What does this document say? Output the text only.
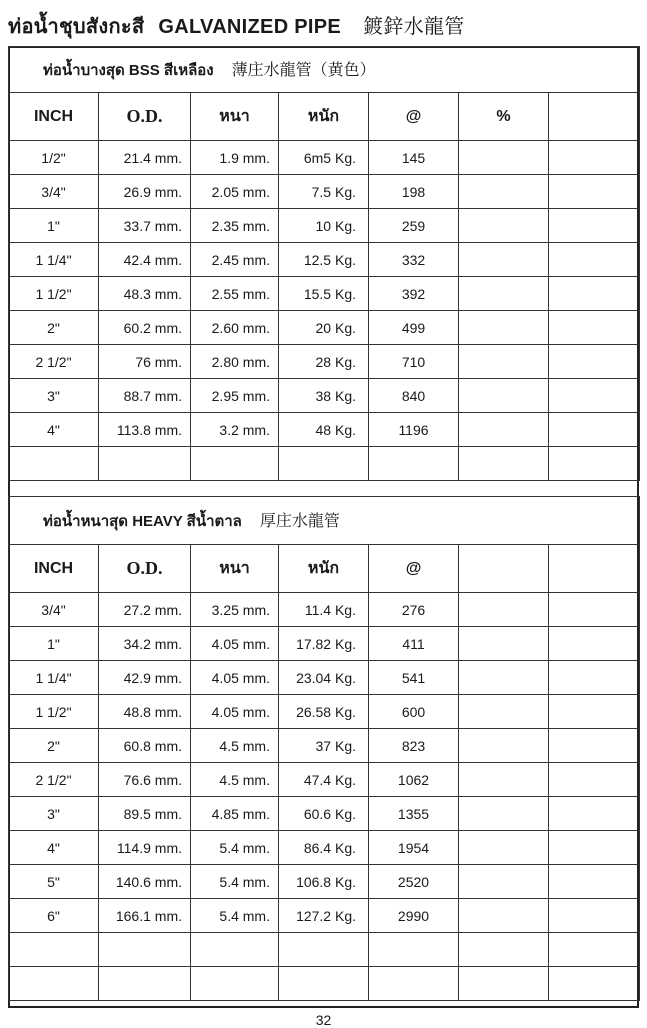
ท่อน้ำชุบสังกะสี GALVANIZED PIPE 鍍鋅水龍管
ท่อน้ำบางสุด BSS สีเหลือง 薄庄水龍管（黄色）						
INCH	O.D.	หนา	หนัก	@	%	
1/2"	21.4 mm.	1.9 mm.	6m5 Kg.	145		
3/4"	26.9 mm.	2.05 mm.	7.5 Kg.	198		
1"	33.7 mm.	2.35 mm.	10 Kg.	259		
1 1/4"	42.4 mm.	2.45 mm.	12.5 Kg.	332		
1 1/2"	48.3 mm.	2.55 mm.	15.5 Kg.	392		
2"	60.2 mm.	2.60 mm.	20 Kg.	499		
2 1/2"	76 mm.	2.80 mm.	28 Kg.	710		
3"	88.7 mm.	2.95 mm.	38 Kg.	840		
4"	113.8 mm.	3.2 mm.	48 Kg.	1196		

ท่อน้ำหนาสุด HEAVY สีน้ำตาล 厚庄水龍管						
INCH	O.D.	หนา	หนัก	@		
3/4"	27.2 mm.	3.25 mm.	11.4 Kg.	276		
1"	34.2 mm.	4.05 mm.	17.82 Kg.	411		
1 1/4"	42.9 mm.	4.05 mm.	23.04 Kg.	541		
1 1/2"	48.8 mm.	4.05 mm.	26.58 Kg.	600		
2"	60.8 mm.	4.5 mm.	37 Kg.	823		
2 1/2"	76.6 mm.	4.5 mm.	47.4 Kg.	1062		
3"	89.5 mm.	4.85 mm.	60.6 Kg.	1355		
4"	114.9 mm.	5.4 mm.	86.4 Kg.	1954		
5"	140.6 mm.	5.4 mm.	106.8 Kg.	2520		
6"	166.1 mm.	5.4 mm.	127.2 Kg.	2990		

32
